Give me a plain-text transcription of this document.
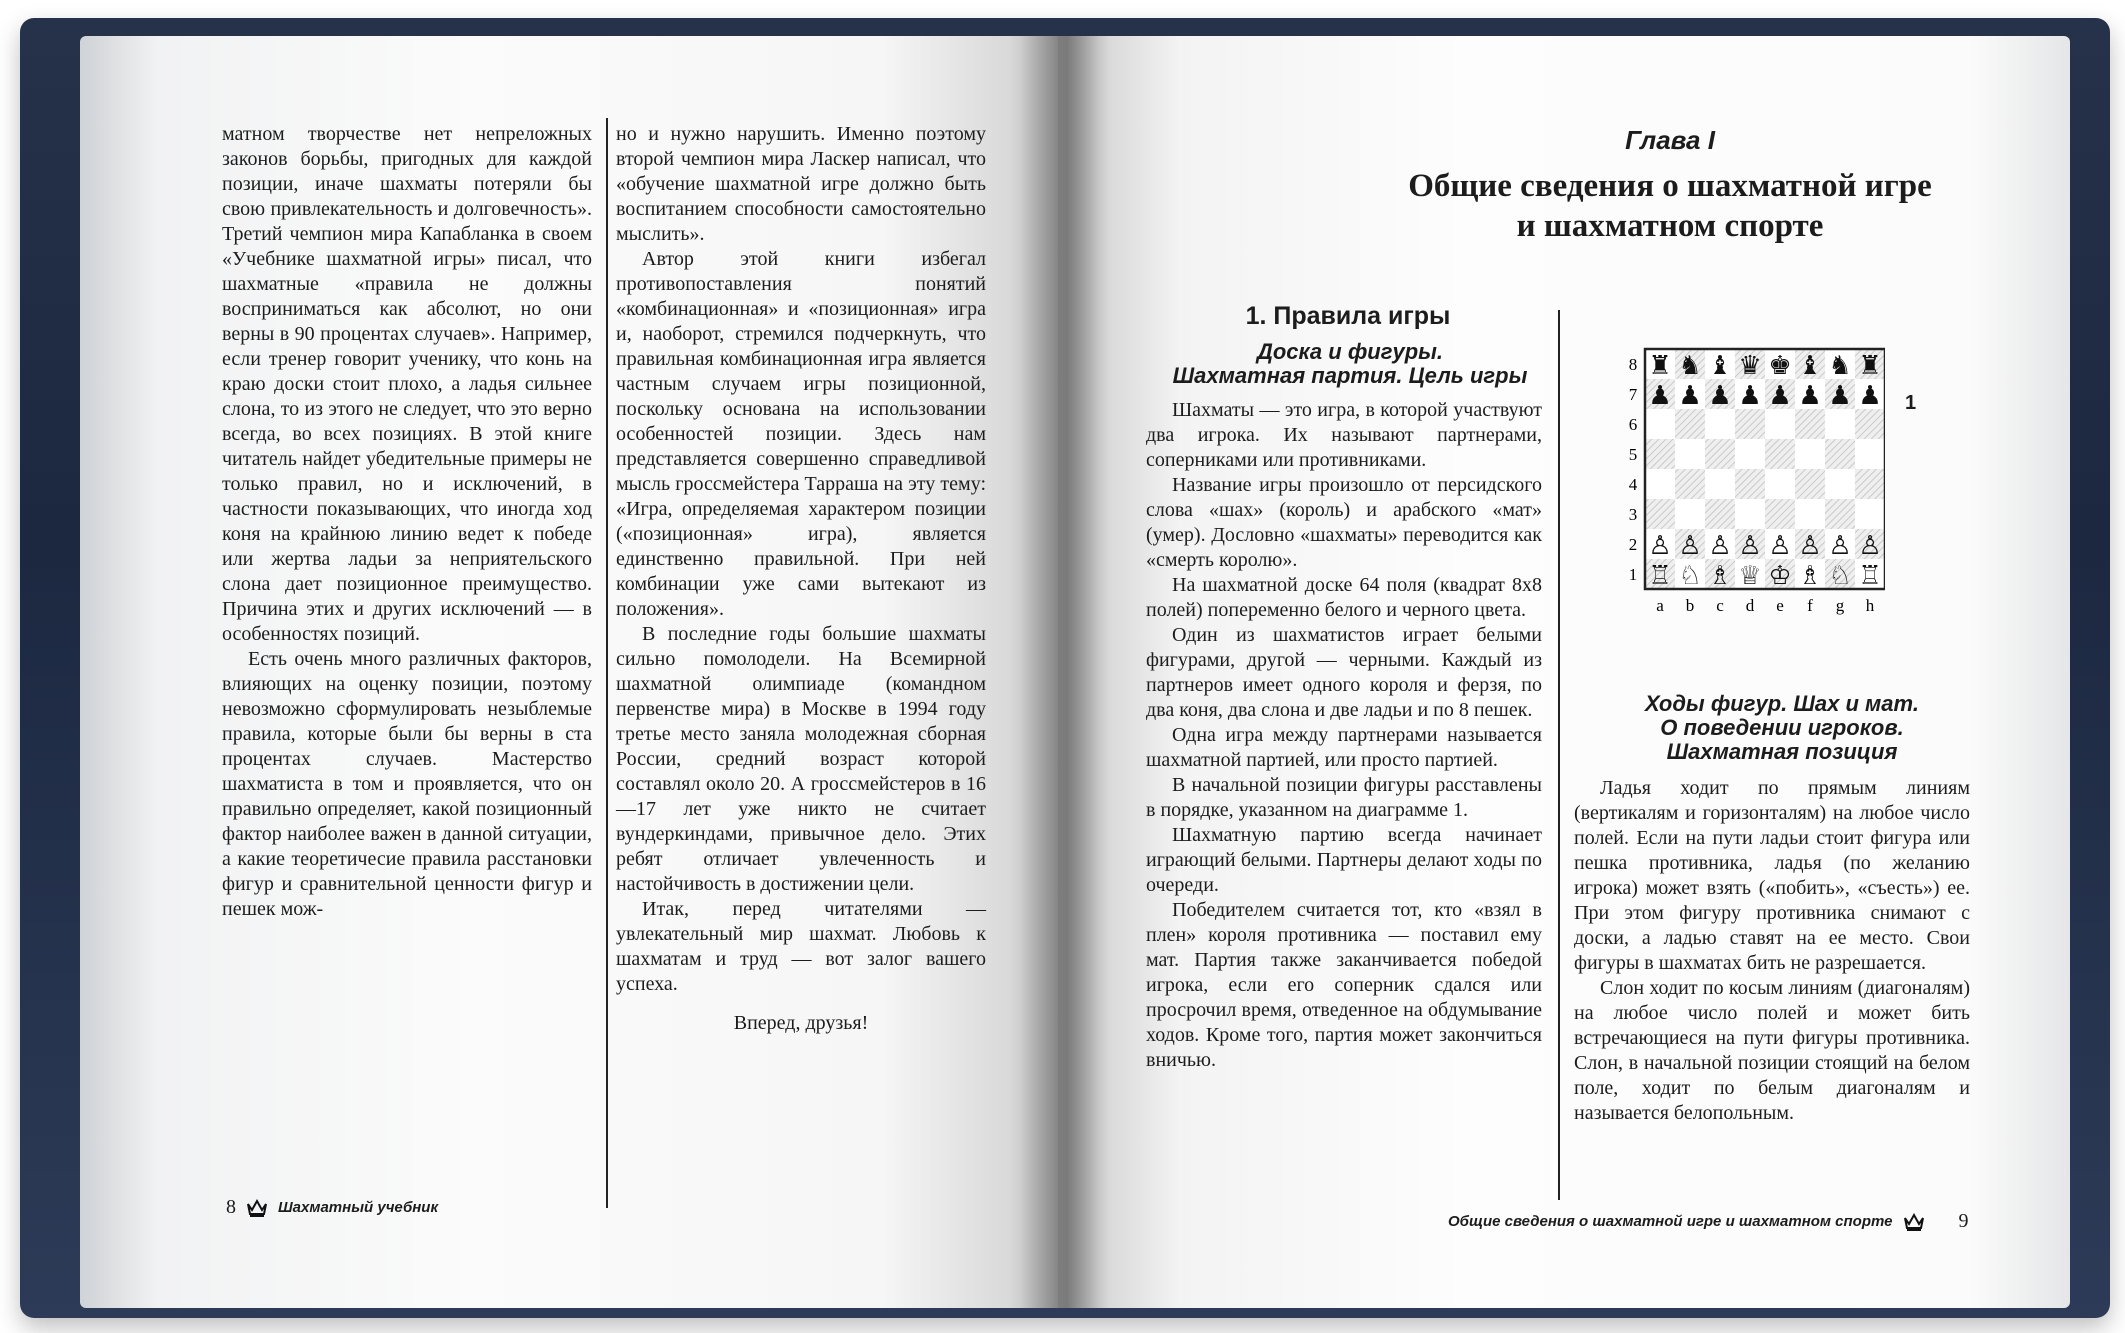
матном творчестве нет непреложных законов борьбы, пригодных для каждой позиции, иначе шахматы потеряли бы свою привлекательность и долговечность». Третий чемпион мира Капабланка в своем «Учебнике шахматной игры» писал, что шахматные «правила не должны восприниматься как абсолют, но они верны в 90 процентах случаев». Например, если тренер говорит ученику, что конь на краю доски стоит плохо, а ладья сильнее слона, то из этого не следует, что это верно всегда, во всех позициях. В этой книге читатель найдет убедительные примеры не только правил, но и исключений, в частности показывающих, что иногда ход коня на крайнюю линию ведет к победе или жертва ладьи за неприятельского слона дает позиционное преимущество. Причина этих и других исключений — в особенностях позиций.

Есть очень много различных факторов, влияющих на оценку позиции, поэтому невозможно сформулировать незыблемые правила, которые были бы верны в ста процентах случаев. Мастерство шахматиста в том и проявляется, что он правильно определяет, какой позиционный фактор наиболее важен в данной ситуации, а какие теоретичесие правила расстановки фигур и сравнительной ценности фигур и пешек мож-

но и нужно нарушить. Именно поэтому второй чемпион мира Ласкер написал, что «обучение шахматной игре должно быть воспитанием способности самостоятельно мыслить».

Автор этой книги избегал противопоставления понятий «комбинационная» и «позиционная» игра и, наоборот, стремился подчеркнуть, что правильная комбинационная игра является частным случаем игры позиционной, поскольку основана на использовании особенностей позиции. Здесь нам представляется совершенно справедливой мысль гроссмейстера Тарраша на эту тему: «Игра, определяемая характером позиции («позиционная» игра), является единственно правильной. При ней комбинации уже сами вытекают из положения».

В последние годы большие шахматы сильно помолодели. На Всемирной шахматной олимпиаде (командном первенстве мира) в Москве в 1994 году третье место заняла молодежная сборная России, средний возраст которой составлял около 20. А гроссмейстеров в 16—17 лет уже никто не считает вундеркиндами, привычное дело. Этих ребят отличает увлеченность и настойчивость в достижении цели.

Итак, перед читателями — увлекательный мир шахмат. Любовь к шахматам и труд — вот залог вашего успеха.

Вперед, друзья!

8	Шахматный учебник
Глава I
Общие сведения о шахматной игре
и шахматном спорте
1. Правила игры
Доска и фигуры.
Шахматная партия. Цель игры

Шахматы — это игра, в которой участвуют два игрока. Их называют партнерами, соперниками или противниками.

Название игры произошло от персидского слова «шах» (король) и арабского «мат» (умер). Дословно «шахматы» переводится как «смерть королю».

На шахматной доске 64 поля (квадрат 8x8 полей) попеременно белого и черного цвета.

Один из шахматистов играет белыми фигурами, другой — черными. Каждый из партнеров имеет одного короля и ферзя, по два коня, два слона и две ладьи и по 8 пешек.

Одна игра между партнерами называется шахматной партией, или просто партией.

В начальной позиции фигуры расставлены в порядке, указанном на диаграмме 1.

Шахматную партию всегда начинает играющий белыми. Партнеры делают ходы по очереди.

Победителем считается тот, кто «взял в плен» короля противника — поставил ему мат. Партия также заканчивается победой игрока, если его соперник сдался или просрочил время, отведенное на обдумывание ходов. Кроме того, партия может закончиться вничью.

♜ ♞ ♝ ♛ ♚ ♝ ♞ ♜
♟ ♟ ♟ ♟ ♟ ♟ ♟ ♟
♙ ♙ ♙ ♙ ♙ ♙ ♙ ♙
♖ ♘ ♗ ♕ ♔ ♗ ♘ ♖
8
7
6
5
4
3
2
1
a b c d e f g h
1
Ходы фигур. Шах и мат.
О поведении игроков.
Шахматная позиция

Ладья ходит по прямым линиям (вертикалям и горизонталям) на любое число полей. Если на пути ладьи стоит фигура или пешка противника, ладья (по желанию игрока) может взять («побить», «съесть») ее. При этом фигуру противника снимают с доски, а ладью ставят на ее место. Свои фигуры в шахматах бить не разрешается.

Слон ходит по косым линиям (диагоналям) на любое число полей и может бить встречающиеся на пути фигуры противника. Слон, в начальной позиции стоящий на белом поле, ходит по белым диагоналям и называется белопольным.

Общие сведения о шахматной игре и шахматном спорте	9
